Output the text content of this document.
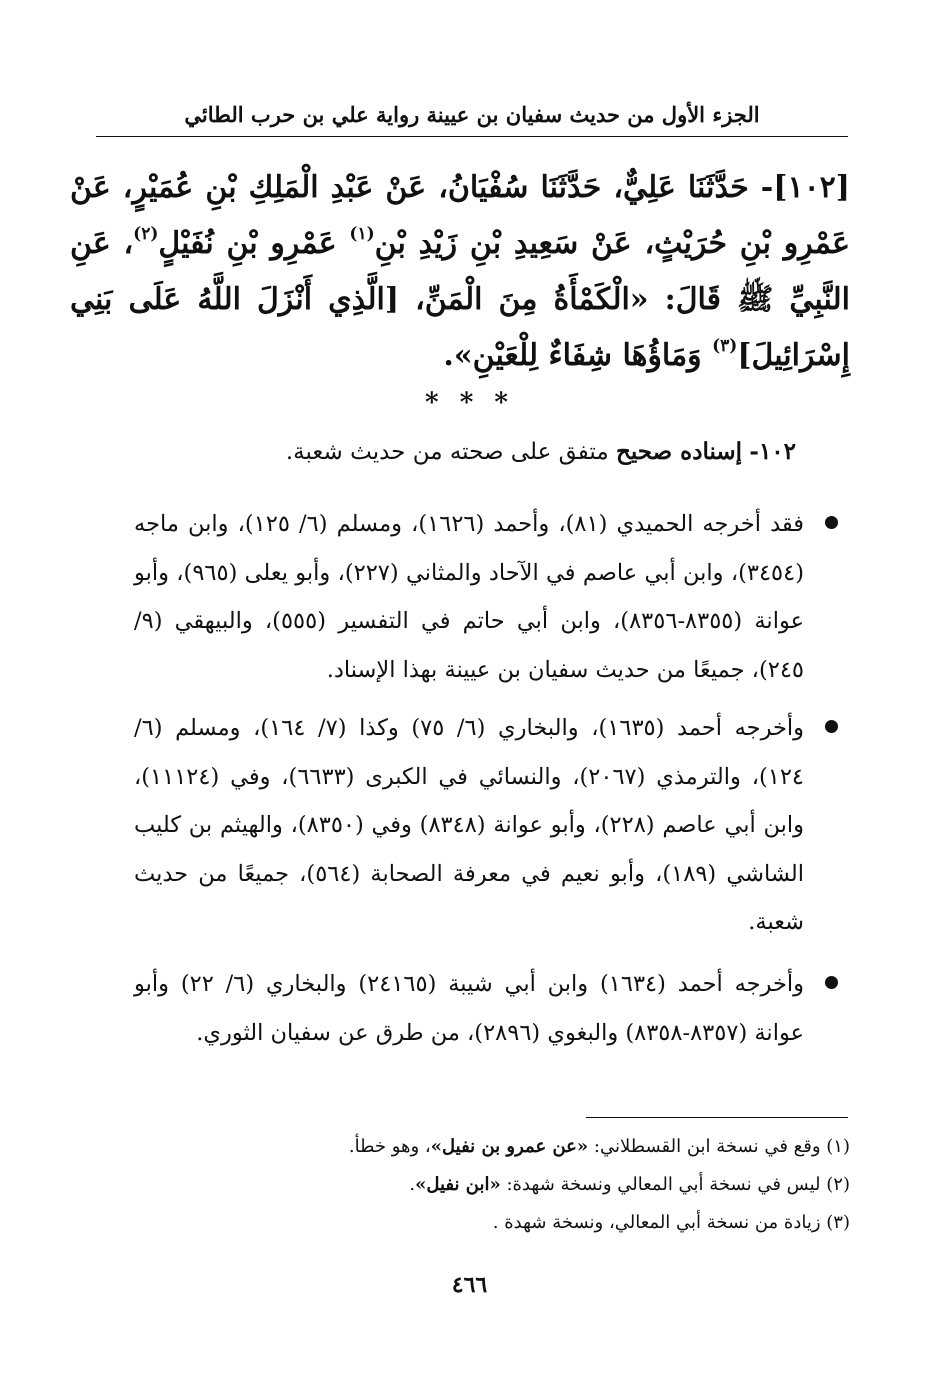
الجزء الأول من حديث سفيان بن عيينة رواية علي بن حرب الطائي
[١٠٢]- حَدَّثَنَا عَلِيٌّ، حَدَّثَنَا سُفْيَانُ، عَنْ عَبْدِ الْمَلِكِ بْنِ عُمَيْرٍ، عَنْ عَمْرِو بْنِ حُرَيْثٍ، عَنْ سَعِيدِ بْنِ زَيْدِ بْنِ$^{(١)}$ عَمْرِو بْنِ نُفَيْلٍ$^{(٢)}$، عَنِ النَّبِيِّ ﷺ قَالَ: «الْكَمْأَةُ مِنَ الْمَنِّ، [الَّذِي أَنْزَلَ اللَّهُ عَلَى بَنِي إِسْرَائِيلَ]$^{(٣)}$ وَمَاؤُهَا شِفَاءٌ لِلْعَيْنِ».
* * *
١٠٢- إسناده صحيح متفق على صحته من حديث شعبة.
فقد أخرجه الحميدي (٨١)، وأحمد (١٦٢٦)، ومسلم (٦/ ١٢٥)، وابن ماجه (٣٤٥٤)، وابن أبي عاصم في الآحاد والمثاني (٢٢٧)، وأبو يعلى (٩٦٥)، وأبو عوانة (٨٣٥٥-٨٣٥٦)، وابن أبي حاتم في التفسير (٥٥٥)، والبيهقي (٩/ ٢٤٥)، جميعًا من حديث سفيان بن عيينة بهذا الإسناد.
وأخرجه أحمد (١٦٣٥)، والبخاري (٦/ ٧٥) وكذا (٧/ ١٦٤)، ومسلم (٦/ ١٢٤)، والترمذي (٢٠٦٧)، والنسائي في الكبرى (٦٦٣٣)، وفي (١١١٢٤)، وابن أبي عاصم (٢٢٨)، وأبو عوانة (٨٣٤٨) وفي (٨٣٥٠)، والهيثم بن كليب الشاشي (١٨٩)، وأبو نعيم في معرفة الصحابة (٥٦٤)، جميعًا من حديث شعبة.
وأخرجه أحمد (١٦٣٤) وابن أبي شيبة (٢٤١٦٥) والبخاري (٦/ ٢٢) وأبو عوانة (٨٣٥٧-٨٣٥٨) والبغوي (٢٨٩٦)، من طرق عن سفيان الثوري.
(١) وقع في نسخة ابن القسطلاني: «عن عمرو بن نفيل»، وهو خطأ.
(٢) ليس في نسخة أبي المعالي ونسخة شهدة: «ابن نفيل».
(٣) زيادة من نسخة أبي المعالي، ونسخة شهدة .
٤٦٦
